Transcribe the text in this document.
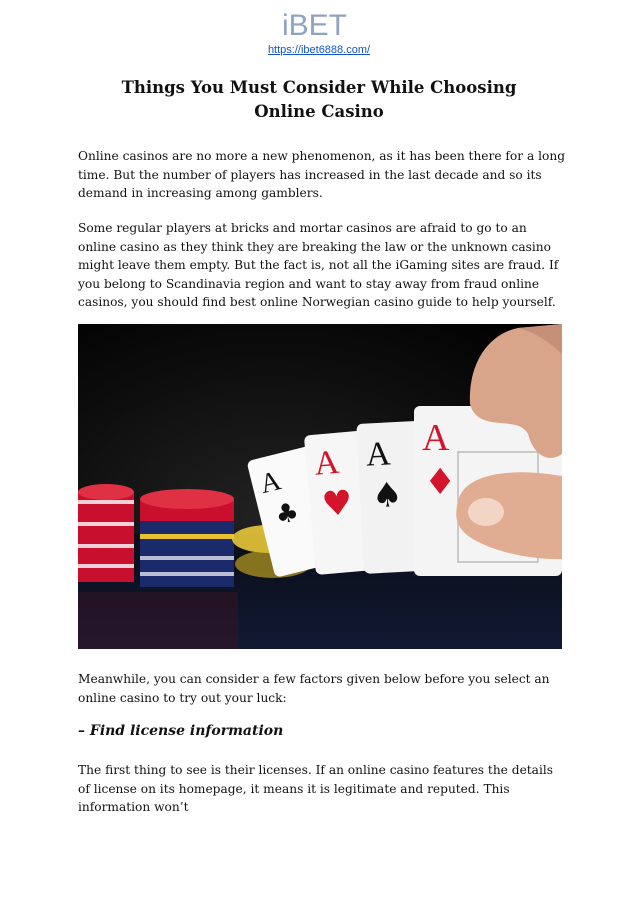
iBET
https://ibet6888.com/
Things You Must Consider While Choosing Online Casino

Online casinos are no more a new phenomenon, as it has been there for a long time. But the number of players has increased in the last decade and so its demand in increasing among gamblers.

Some regular players at bricks and mortar casinos are afraid to go to an online casino as they think they are breaking the law or the unknown casino might leave them empty. But the fact is, not all the iGaming sites are fraud. If you belong to Scandinavia region and want to stay away from fraud online casinos, you should find best online Norwegian casino guide to help yourself.

A
♣
A
♥
A
♠
A
♦

Meanwhile, you can consider a few factors given below before you select an online casino to try out your luck:

– Find license information

The first thing to see is their licenses. If an online casino features the details of license on its homepage, it means it is legitimate and reputed. This information won’t
